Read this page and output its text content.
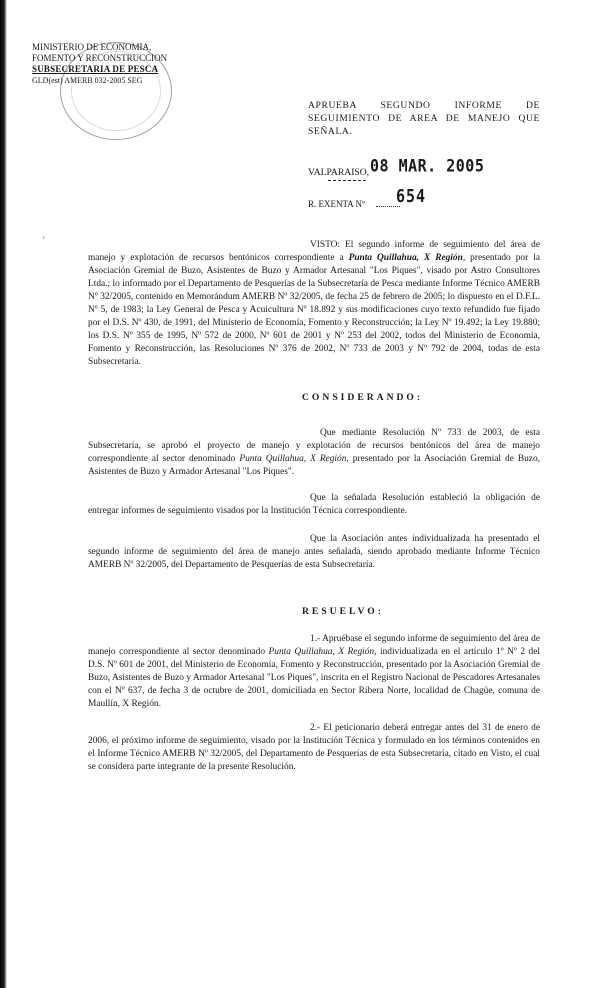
MINISTERIO DE ECONOMIA,
FOMENTO Y RECONSTRUCCION
SUBSECRETARIA DE PESCA
GLD(est) AMERB 032-2005 SEG
APRUEBA SEGUNDO INFORME DE
SEGUIMIENTO DE AREA DE MANEJO QUE SEÑALA.
VALPARAISO, 08 MAR. 2005
R. EXENTA Nº 654
'	VISTO: El segundo informe de seguimiento del área de manejo y explotación de recursos bentónicos correspondiente a Punta Quillahua, X Región, presentado por la Asociación Gremial de Buzo, Asistentes de Buzo y Armador Artesanal "Los Piques", visado por Astro Consultores Ltda.; lo informado por el Departamento de Pesquerías de la Subsecretaría de Pesca mediante Informe Técnico AMERB Nº 32/2005, contenido en Memorándum AMERB Nº 32/2005, de fecha 25 de febrero de 2005; lo dispuesto en el D.F.L. Nº 5, de 1983; la Ley General de Pesca y Acuicultura Nº 18.892 y sus modificaciones cuyo texto refundido fue fijado por el D.S. Nº 430, de 1991, del Ministerio de Economía, Fomento y Reconstrucción; la Ley Nº 19.492; la Ley 19.880; los D.S. Nº 355 de 1995, Nº 572 de 2000, Nº 601 de 2001 y Nº 253 del 2002, todos del Ministerio de Economía, Fomento y Reconstrucción, las Resoluciones Nº 376 de 2002, Nº 733 de 2003 y Nº 792 de 2004, todas de esta Subsecretaría.
CONSIDERANDO:
Que mediante Resolución Nº 733 de 2003, de esta Subsecretaría, se aprobó el proyecto de manejo y explotación de recursos bentónicos del área de manejo correspondiente al sector denominado Punta Quillahua, X Región, presentado por la Asociación Gremial de Buzo, Asistentes de Buzo y Armador Artesanal "Los Piques".
Que la señalada Resolución estableció la obligación de entregar informes de seguimiento visados por la Institución Técnica correspondiente.
Que la Asociación antes individualizada ha presentado el segundo informe de seguimiento del área de manejo antes señalada, siendo aprobado mediante Informe Técnico AMERB Nº 32/2005, del Departamento de Pesquerías de esta Subsecretaría.
RESUELVO:
1.- Apruébase el segundo informe de seguimiento del área de manejo correspondiente al sector denominado Punta Quillahua, X Región, individualizada en el artículo 1º Nº 2 del D.S. Nº 601 de 2001, del Ministerio de Economía, Fomento y Reconstrucción, presentado por la Asociación Gremial de Buzo, Asistentes de Buzo y Armador Artesanal "Los Piques", inscrita en el Registro Nacional de Pescadores Artesanales con el Nº 637, de fecha 3 de octubre de 2001, domiciliada en Sector Ribera Norte, localidad de Chagüe, comuna de Maullín, X Región.
2.- El peticionario deberá entregar antes del 31 de enero de 2006, el próximo informe de seguimiento, visado por la Institución Técnica y formulado en los términos contenidos en el Informe Técnico AMERB Nº 32/2005, del Departamento de Pesquerías de esta Subsecretaría, citado en Visto, el cual se considera parte integrante de la presente Resolución.
